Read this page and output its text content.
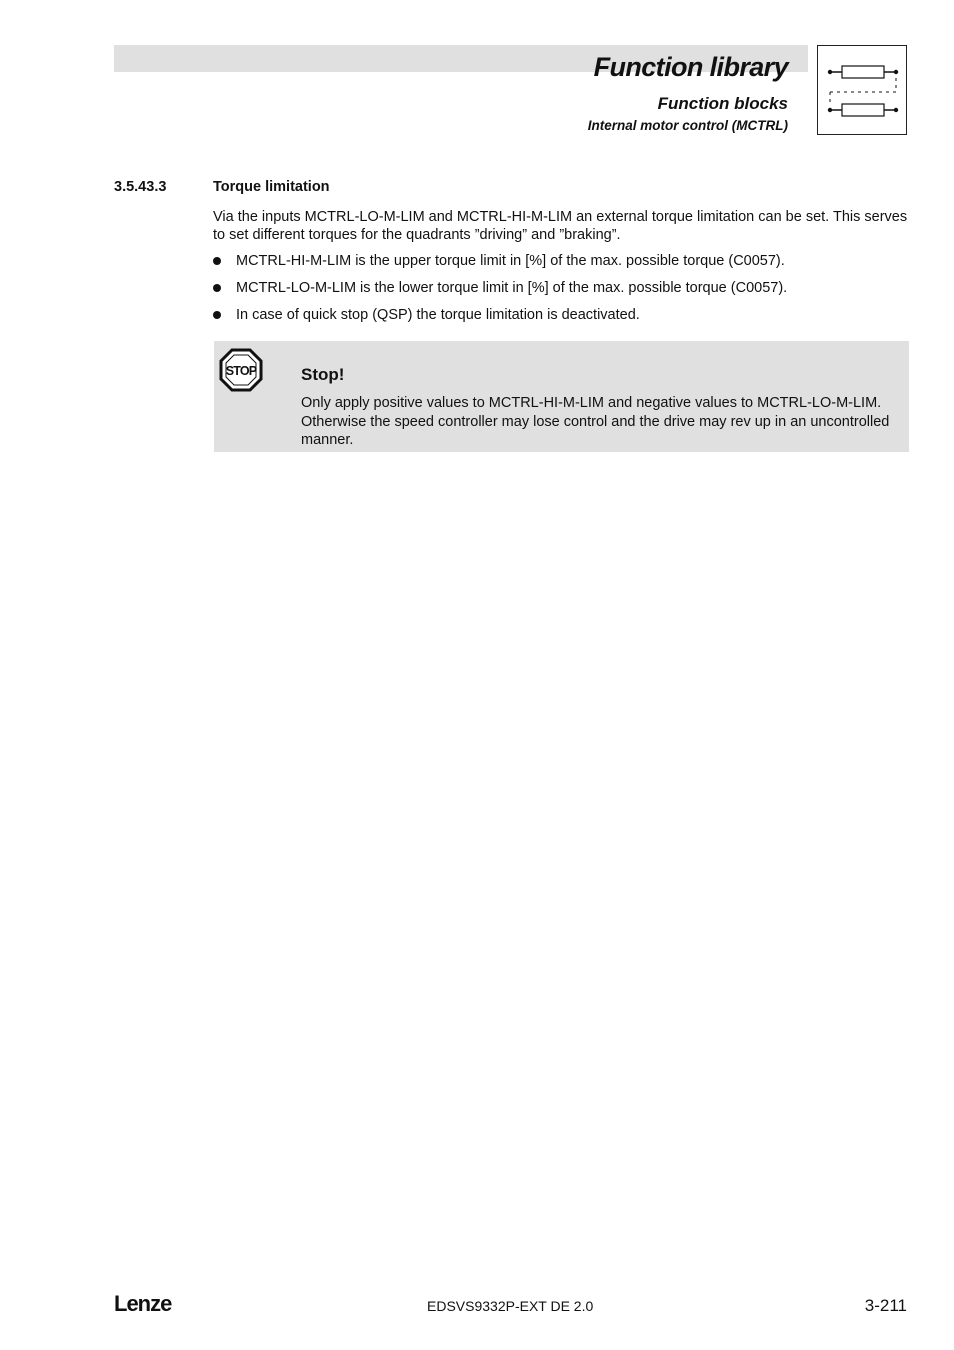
Function library
Function blocks
Internal motor control (MCTRL)
3.5.43.3	Torque limitation
Via the inputs MCTRL-LO-M-LIM and MCTRL-HI-M-LIM an external torque limitation can be set. This serves to set different torques for the quadrants ”driving” and ”braking”.
MCTRL-HI-M-LIM is the upper torque limit in [%] of the max. possible torque (C0057).
MCTRL-LO-M-LIM is the lower torque limit in [%] of the max. possible torque (C0057).
In case of quick stop (QSP) the torque limitation is deactivated.
STOP	Stop!
Only apply positive values to MCTRL-HI-M-LIM and negative values to MCTRL-LO-M-LIM. Otherwise the speed controller may lose control and the drive may rev up in an uncontrolled manner.
Lenze	EDSVS9332P-EXT DE 2.0	3-211
